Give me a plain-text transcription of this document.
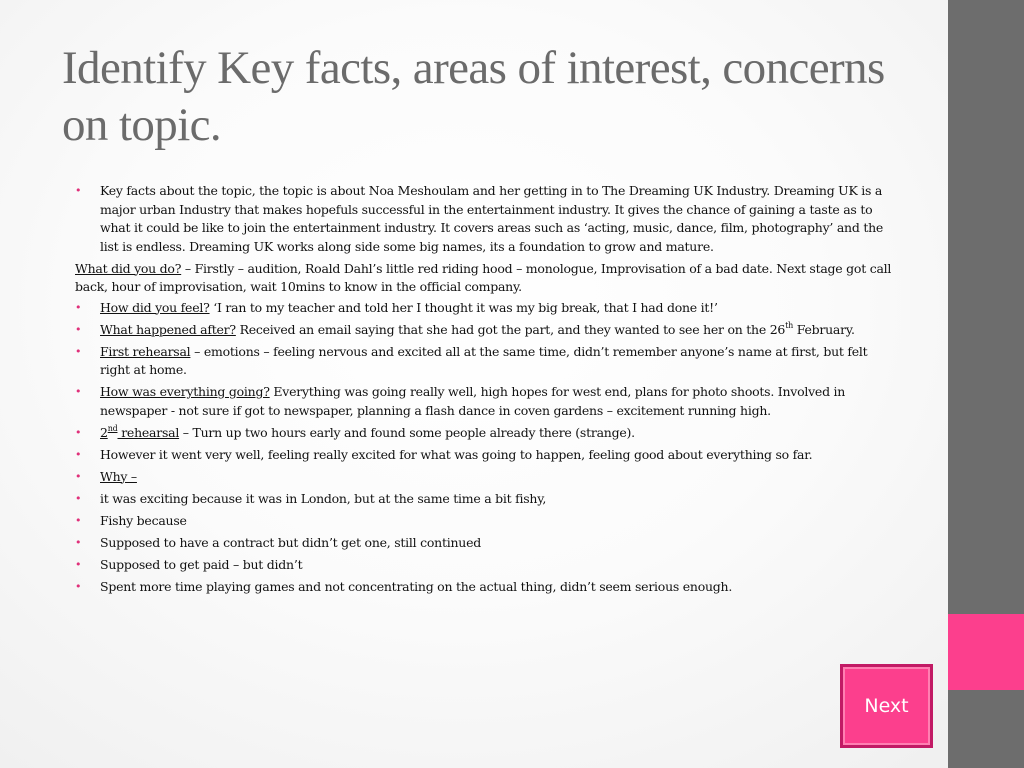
Identify Key facts, areas of interest, concerns on topic.
• Key facts about the topic, the topic is about Noa Meshoulam and her getting in to The Dreaming UK Industry. Dreaming UK is a major urban Industry that makes hopefuls successful in the entertainment industry. It gives the chance of gaining a taste as to what it could be like to join the entertainment industry. It covers areas such as ‘acting, music, dance, film, photography’ and the list is endless. Dreaming UK works along side some big names, its a foundation to grow and mature.
What did you do? – Firstly – audition, Roald Dahl’s little red riding hood – monologue, Improvisation of a bad date. Next stage got call back, hour of improvisation, wait 10mins to know in the official company.
• How did you feel? ‘I ran to my teacher and told her I thought it was my big break, that I had done it!’
• What happened after? Received an email saying that she had got the part, and they wanted to see her on the 26th February.
• First rehearsal – emotions – feeling nervous and excited all at the same time, didn’t remember anyone’s name at first, but felt right at home.
• How was everything going? Everything was going really well, high hopes for west end, plans for photo shoots. Involved in newspaper - not sure if got to newspaper, planning a flash dance in coven gardens – excitement running high.
• 2nd rehearsal – Turn up two hours early and found some people already there (strange).
• However it went very well, feeling really excited for what was going to happen, feeling good about everything so far.
• Why –
• it was exciting because it was in London, but at the same time a bit fishy,
• Fishy because
• Supposed to have a contract but didn’t get one, still continued
• Supposed to get paid – but didn’t
• Spent more time playing games and not concentrating on the actual thing, didn’t seem serious enough.
Next
